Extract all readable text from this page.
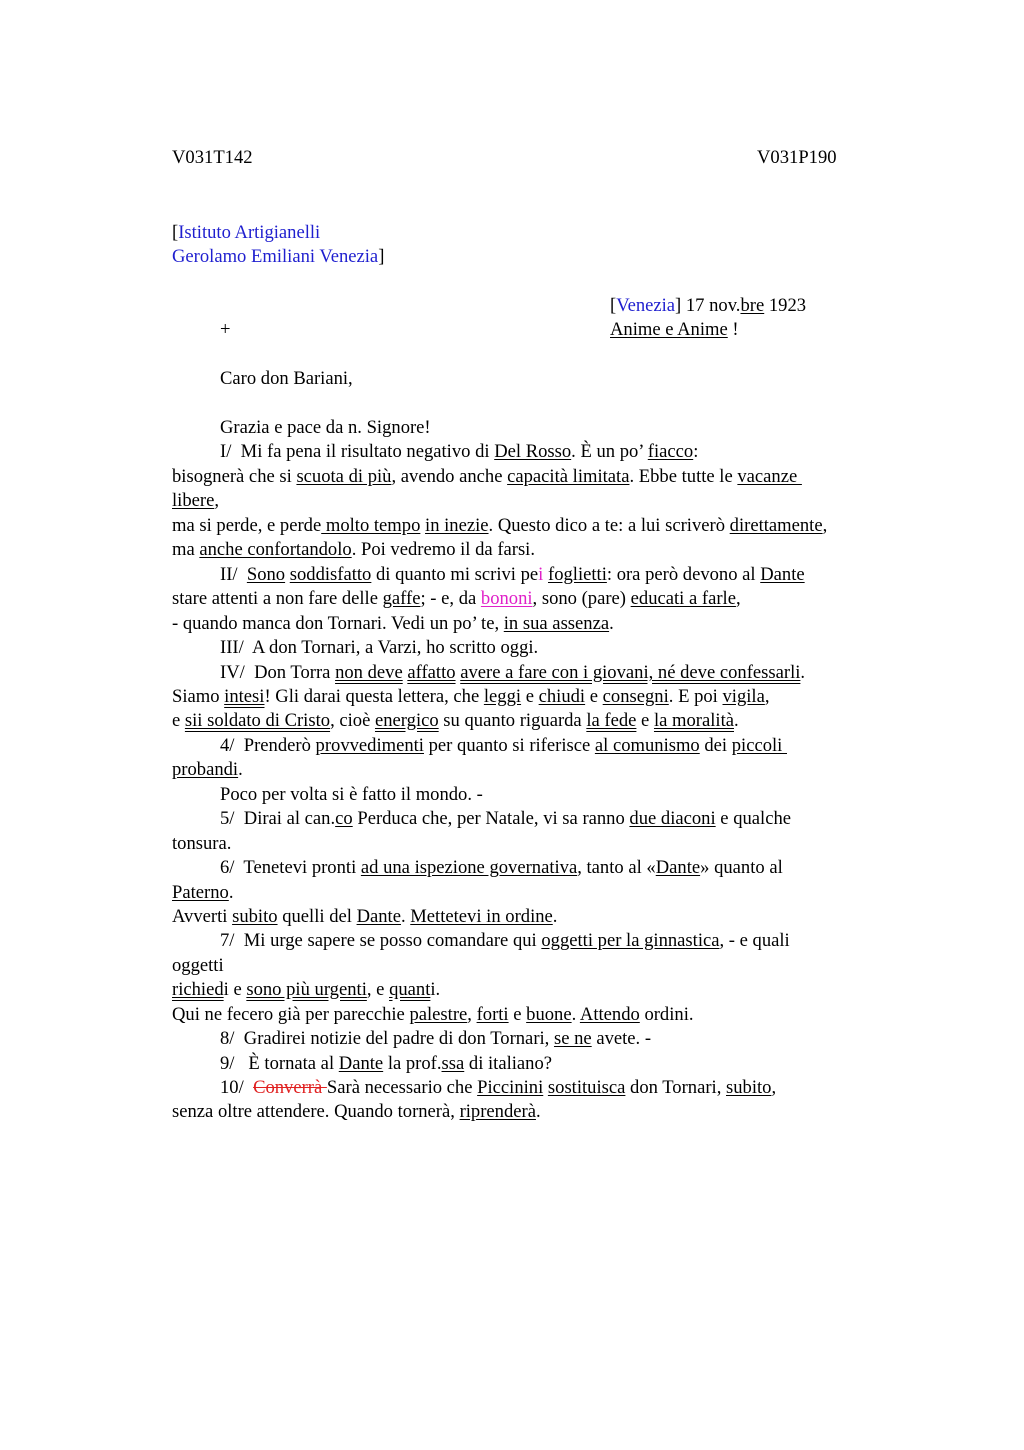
V031T142	V031P190
[Istituto Artigianelli
Gerolamo Emiliani Venezia]
[Venezia] 17 nov.bre 1923
+	Anime e Anime !
Caro don Bariani,
Grazia e pace da n. Signore!
I/  Mi fa pena il risultato negativo di Del Rosso. È un po’ fiacco:
bisognerà che si scuota di più, avendo anche capacità limitata. Ebbe tutte le vacanze
libere,
ma si perde, e perde molto tempo in inezie. Questo dico a te: a lui scriverò direttamente,
ma anche confortandolo. Poi vedremo il da farsi.
II/  Sono soddisfatto di quanto mi scrivi pei foglietti: ora però devono al Dante
stare attenti a non fare delle gaffe; - e, da bononi, sono (pare) educati a farle,
- quando manca don Tornari. Vedi un po’ te, in sua assenza.
III/  A don Tornari, a Varzi, ho scritto oggi.
IV/  Don Torra non deve affatto avere a fare con i giovani, né deve confessarli.
Siamo intesi! Gli darai questa lettera, che leggi e chiudi e consegni. E poi vigila,
e sii soldato di Cristo, cioè energico su quanto riguarda la fede e la moralità.
4/  Prenderò provvedimenti per quanto si riferisce al comunismo dei piccoli
probandi.
Poco per volta si è fatto il mondo. -
5/  Dirai al can.co Perduca che, per Natale, vi sa ranno due diaconi e qualche
tonsura.
6/  Tenetevi pronti ad una ispezione governativa, tanto al «Dante» quanto al
Paterno.
Avverti subito quelli del Dante. Mettetevi in ordine.
7/  Mi urge sapere se posso comandare qui oggetti per la ginnastica, - e quali
oggetti
richiedi e sono più urgenti, e quanti.
Qui ne fecero già per parecchie palestre, forti e buone. Attendo ordini.
8/  Gradirei notizie del padre di don Tornari, se ne avete. -
9/   È tornata al Dante la prof.ssa di italiano?
10/  Converrà Sarà necessario che Piccinini sostituisca don Tornari, subito,
senza oltre attendere. Quando tornerà, riprenderà.
